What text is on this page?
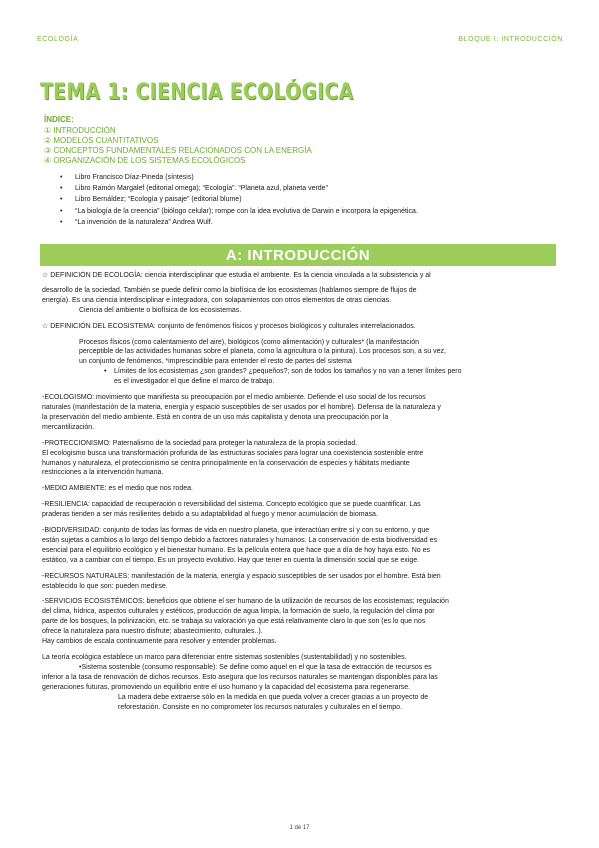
ECOLOGÍA	BLOQUE I: INTRODUCCIÓN
TEMA 1: CIENCIA ECOLÓGICA
ÍNDICE:
① INTRODUCCIÓN
② MODELOS CUANTITATIVOS
③ CONCEPTOS FUNDAMENTALES RELACIONADOS CON LA ENERGÍA
④ ORGANIZACIÓN DE LOS SISTEMAS ECOLÓGICOS
• Libro Francisco Díaz-Pineda (síntesis)
• Libro Ramón Margalef (editorial omega); “Ecología”. “Planeta azul, planeta verde”
• Libro Bernáldez; “Ecología y paisaje” (editorial blume)
• “La biología de la creencia” (biólogo celular); rompe con la idea evolutiva de Darwin e incorpora la epigenética.
• “La invención de la naturaleza” Andrea Wulf.
A: INTRODUCCIÓN
☆ DEFINICIÓN DE ECOLOGÍA: ciencia interdisciplinar que estudia el ambiente. Es la ciencia vinculada a la subsistencia y al
desarrollo de la sociedad. También se puede definir como la biofísica de los ecosistemas (hablamos siempre de flujos de
energía). Es una ciencia interdisciplinar e integradora, con solapamientos con otros elementos de otras ciencias.
Ciencia del ambiente o biofísica de los ecosistemas.
☆ DEFINICIÓN DEL ECOSISTEMA: conjunto de fenómenos físicos y procesos biológicos y culturales interrelacionados.
Procesos físicos (como calentamiento del aire), biológicos (como alimentación) y culturales* (la manifestación
perceptible de las actividades humanas sobre el planeta, como la agricultura o la pintura). Los procesos son, a su vez,
un conjunto de fenómenos. *imprescindible para entender el resto de partes del sistema
• Límites de los ecosistemas ¿son grandes? ¿pequeños?; son de todos los tamaños y no van a tener límites pero
es el investigador el que define el marco de trabajo.
-ECOLOGISMO: movimiento que manifiesta su preocupación por el medio ambiente. Defiende el uso social de los recursos
naturales (manifestación de la materia, energía y espacio susceptibles de ser usados por el hombre). Defensa de la naturaleza y
la preservación del medio ambiente. Está en contra de un uso más capitalista y denota una preocupación por la
mercantilización.
-PROTECCIONISMO: Paternalismo de la sociedad para proteger la naturaleza de la propia sociedad.
El ecologismo busca una transformación profunda de las estructuras sociales para lograr una coexistencia sostenible entre
humanos y naturaleza, el proteccionismo se centra principalmente en la conservación de especies y hábitats mediante
restricciones a la intervención humana.
-MEDIO AMBIENTE: es el medio que nos rodea.
-RESILIENCIA: capacidad de recuperación o reversibilidad del sistema. Concepto ecológico que se puede cuantificar. Las
praderas tienden a ser más resilientes debido a su adaptabilidad al fuego y menor acumulación de biomasa.
-BIODIVERSIDAD: conjunto de todas las formas de vida en nuestro planeta, que interactúan entre sí y con su entorno, y que
están sujetas a cambios a lo largo del tiempo debido a factores naturales y humanos. La conservación de esta biodiversidad es
esencial para el equilibrio ecológico y el bienestar humano. Es la película entera que hace que a día de hoy haya esto. No es
estático, va a cambiar con el tiempo. Es un proyecto evolutivo. Hay que tener en cuenta la dimensión social que se exige.
-RECURSOS NATURALES: manifestación de la materia, energía y espacio susceptibles de ser usados por el hombre. Está bien
establecido lo que son: pueden medirse.
-SERVICIOS ECOSISTÉMICOS: beneficios que obtiene el ser humano de la utilización de recursos de los ecosistemas; regulación
del clima, hídrica, aspectos culturales y estéticos, producción de agua limpia, la formación de suelo, la regulación del clima por
parte de los bosques, la polinización, etc. se trabaja su valoración ya que está relativamente claro lo que son (es lo que nos
ofrece la naturaleza para nuestro disfrute; abastecimiento, culturales..).
Hay cambios de escala continuamente para resolver y entender problemas.
La teoría ecológica establece un marco para diferenciar entre sistemas sostenibles (sustentabilidad) y no sostenibles.
•Sistema sostenible (consumo responsable): Se define como aquel en el que la tasa de extracción de recursos es
inferior a la tasa de renovación de dichos recursos. Esto asegura que los recursos naturales se mantengan disponibles para las
generaciones futuras, promoviendo un equilibrio entre el uso humano y la capacidad del ecosistema para regenerarse.
La madera debe extraerse sólo en la medida en que pueda volver a crecer gracias a un proyecto de
reforestación. Consiste en no comprometer los recursos naturales y culturales en el tiempo.
1 de 17
